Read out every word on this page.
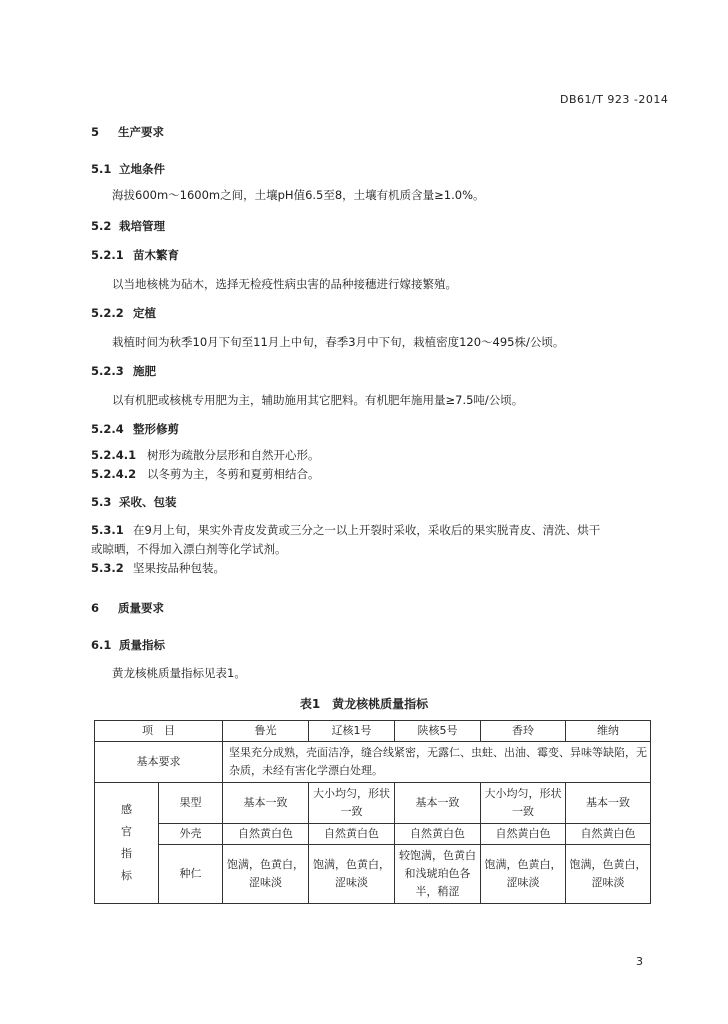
DB61/T 923 -2014
5 生产要求
5.1 立地条件
海拔600m～1600m之间，土壤pH值6.5至8，土壤有机质含量≥1.0%。
5.2 栽培管理
5.2.1 苗木繁育
以当地核桃为砧木，选择无检疫性病虫害的品种接穗进行嫁接繁殖。
5.2.2 定植
栽植时间为秋季10月下旬至11月上中旬，春季3月中下旬，栽植密度120～495株/公顷。
5.2.3 施肥
以有机肥或核桃专用肥为主，辅助施用其它肥料。有机肥年施用量≥7.5吨/公顷。
5.2.4 整形修剪
5.2.4.1 树形为疏散分层形和自然开心形。
5.2.4.2 以冬剪为主，冬剪和夏剪相结合。
5.3 采收、包装
5.3.1 在9月上旬，果实外青皮发黄或三分之一以上开裂时采收，采收后的果实脱青皮、清洗、烘干
或晾晒，不得加入漂白剂等化学试剂。
5.3.2 坚果按品种包装。
6 质量要求
6.1 质量指标
黄龙核桃质量指标见表1。
表1　黄龙核桃质量指标
项　目		鲁光	辽核1号	陕核5号	香玲	维纳
基本要求		坚果充分成熟，壳面洁净，缝合线紧密，无露仁、虫蛀、出油、霉变、异味等缺陷，无杂质，未经有害化学漂白处理。				

感
官
指
标	果型	基本一致	大小均匀，形状一致	基本一致	大小均匀，形状一致	基本一致
	外壳	自然黄白色	自然黄白色	自然黄白色	自然黄白色	自然黄白色
	种仁	饱满，色黄白，涩味淡	饱满，色黄白，涩味淡	较饱满，色黄白和浅琥珀色各半，稍涩	饱满，色黄白，涩味淡	饱满，色黄白，涩味淡
3
